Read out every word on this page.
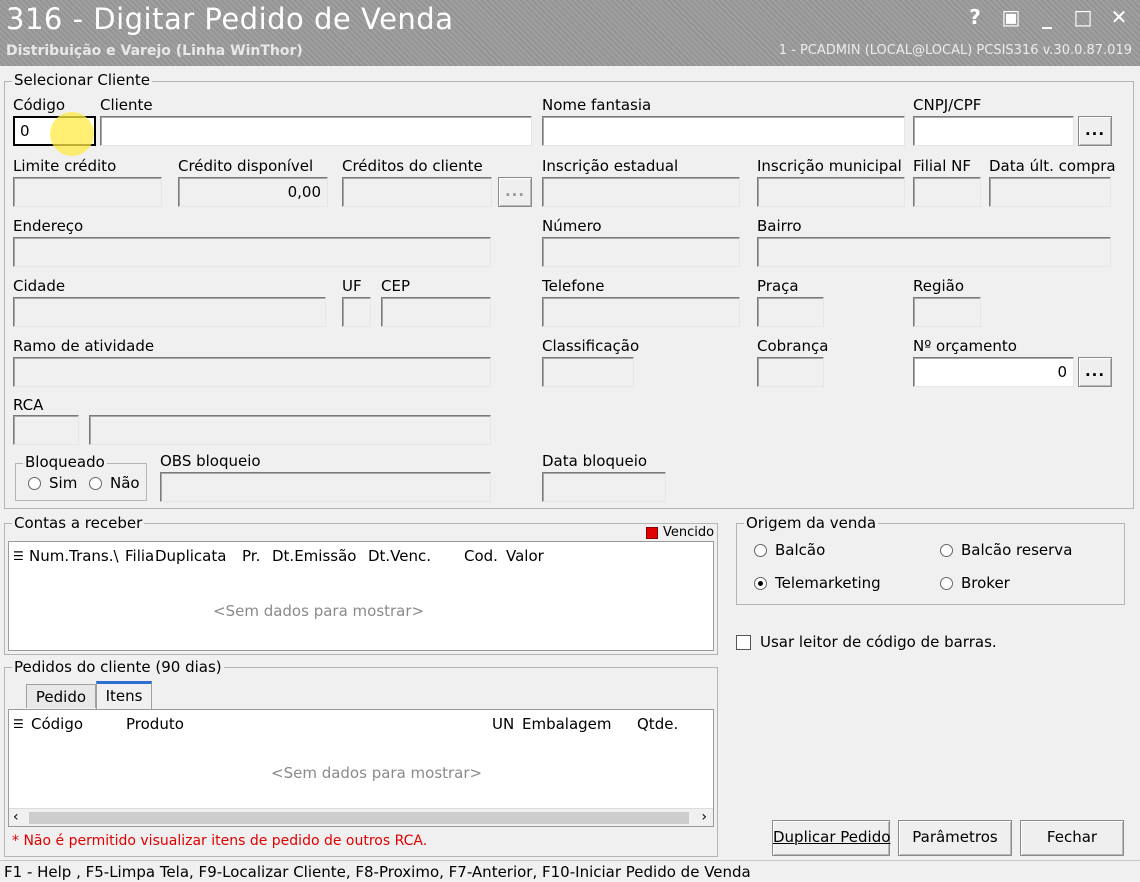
316 - Digitar Pedido de Venda
Distribuição e Varejo (Linha WinThor)	1 - PCADMIN (LOCAL@LOCAL) PCSIS316 v.30.0.87.019
? ▣	_	□ ✕
Selecionar Cliente
Código
0
Cliente	Nome fantasia	CNPJ/CPF
...
Limite crédito	Crédito disponível
0,00
Créditos do cliente
...
Inscrição estadual	Inscrição municipal Filial NF Data últ. compra
Endereço	Número	Bairro
Cidade	UF CEP	Telefone	Praça	Região
Ramo de atividade	Classificação	Cobrança	Nº orçamento
0	...
RCA
Bloqueado
Sim Não
OBS bloqueio	Data bloqueio
Contas a receber
Vencido
☰ Num.Trans.\ Filia Duplicata Pr. Dt.Emissão Dt.Venc. Cod. Valor
<Sem dados para mostrar>
Origem da venda
Balcão	Balcão reserva
Telemarketing	Broker
Usar leitor de código de barras.
Pedidos do cliente (90 dias)
Pedido	Itens
☰ Código	Produto	UN Embalagem Qtde.
<Sem dados para mostrar>
‹	›
* Não é permitido visualizar itens de pedido de outros RCA.	Duplicar Pedido	Parâmetros	Fechar
F1 - Help , F5-Limpa Tela, F9-Localizar Cliente, F8-Proximo, F7-Anterior, F10-Iniciar Pedido de Venda
